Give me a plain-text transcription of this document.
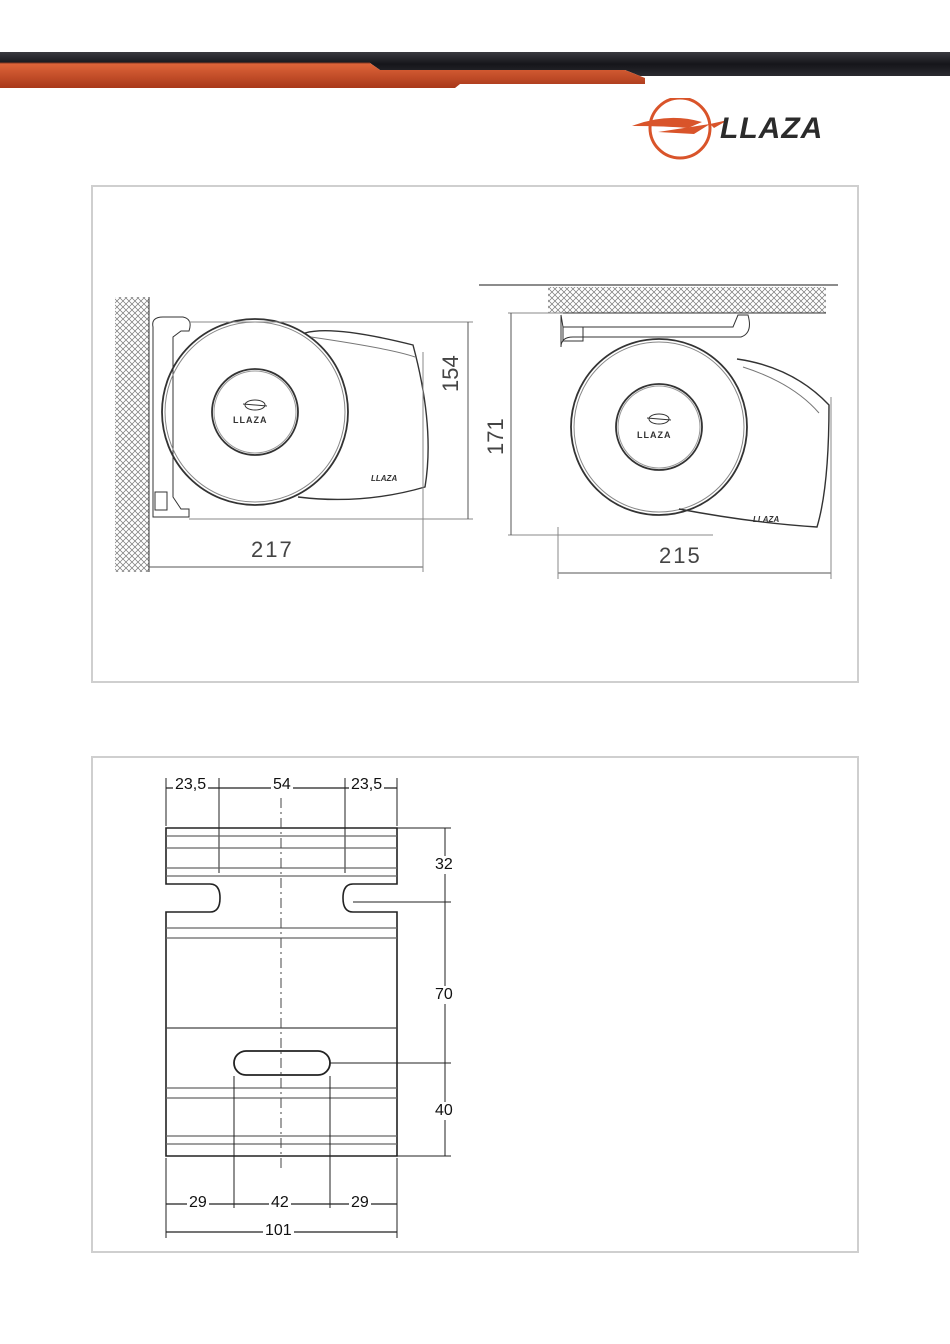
LLAZA
LLAZA
LLAZA
154
217
LLAZA
LLAZA
171
215
23,5	54	23,5
32
70
40
29	42	29
101
